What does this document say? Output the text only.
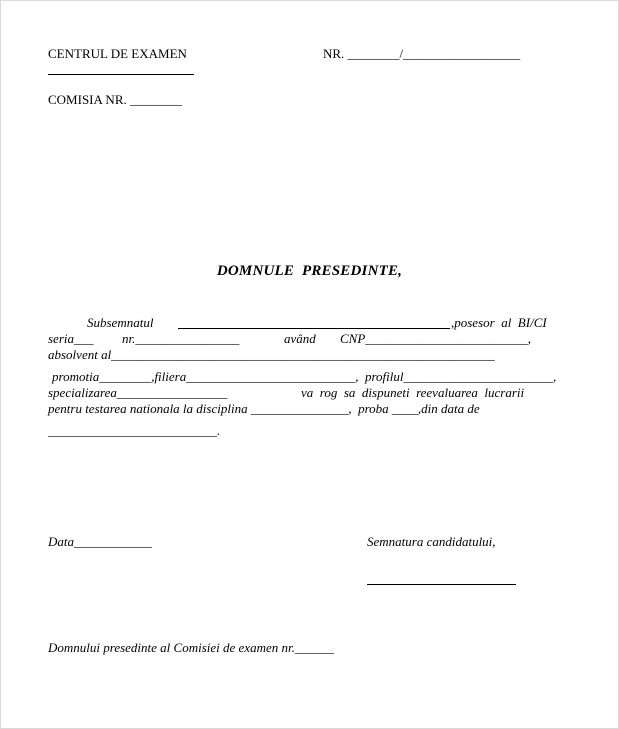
CENTRUL DE EXAMEN	NR. ________/__________________
COMISIA NR. ________
DOMNULE  PRESEDINTE,
Subsemnatul	,posesor  al  BI/CI
seria___ nr.________________	având CNP_________________________,
absolvent al___________________________________________________________
promotia________,filiera__________________________,  profilul_______________________,
specializarea_________________	va  rog  sa  dispuneti  reevaluarea  lucrarii
pentru testarea nationala la disciplina _______________,  proba ____,din data de
__________________________.
Data____________	Semnatura candidatului,
Domnului presedinte al Comisiei de examen nr.______
